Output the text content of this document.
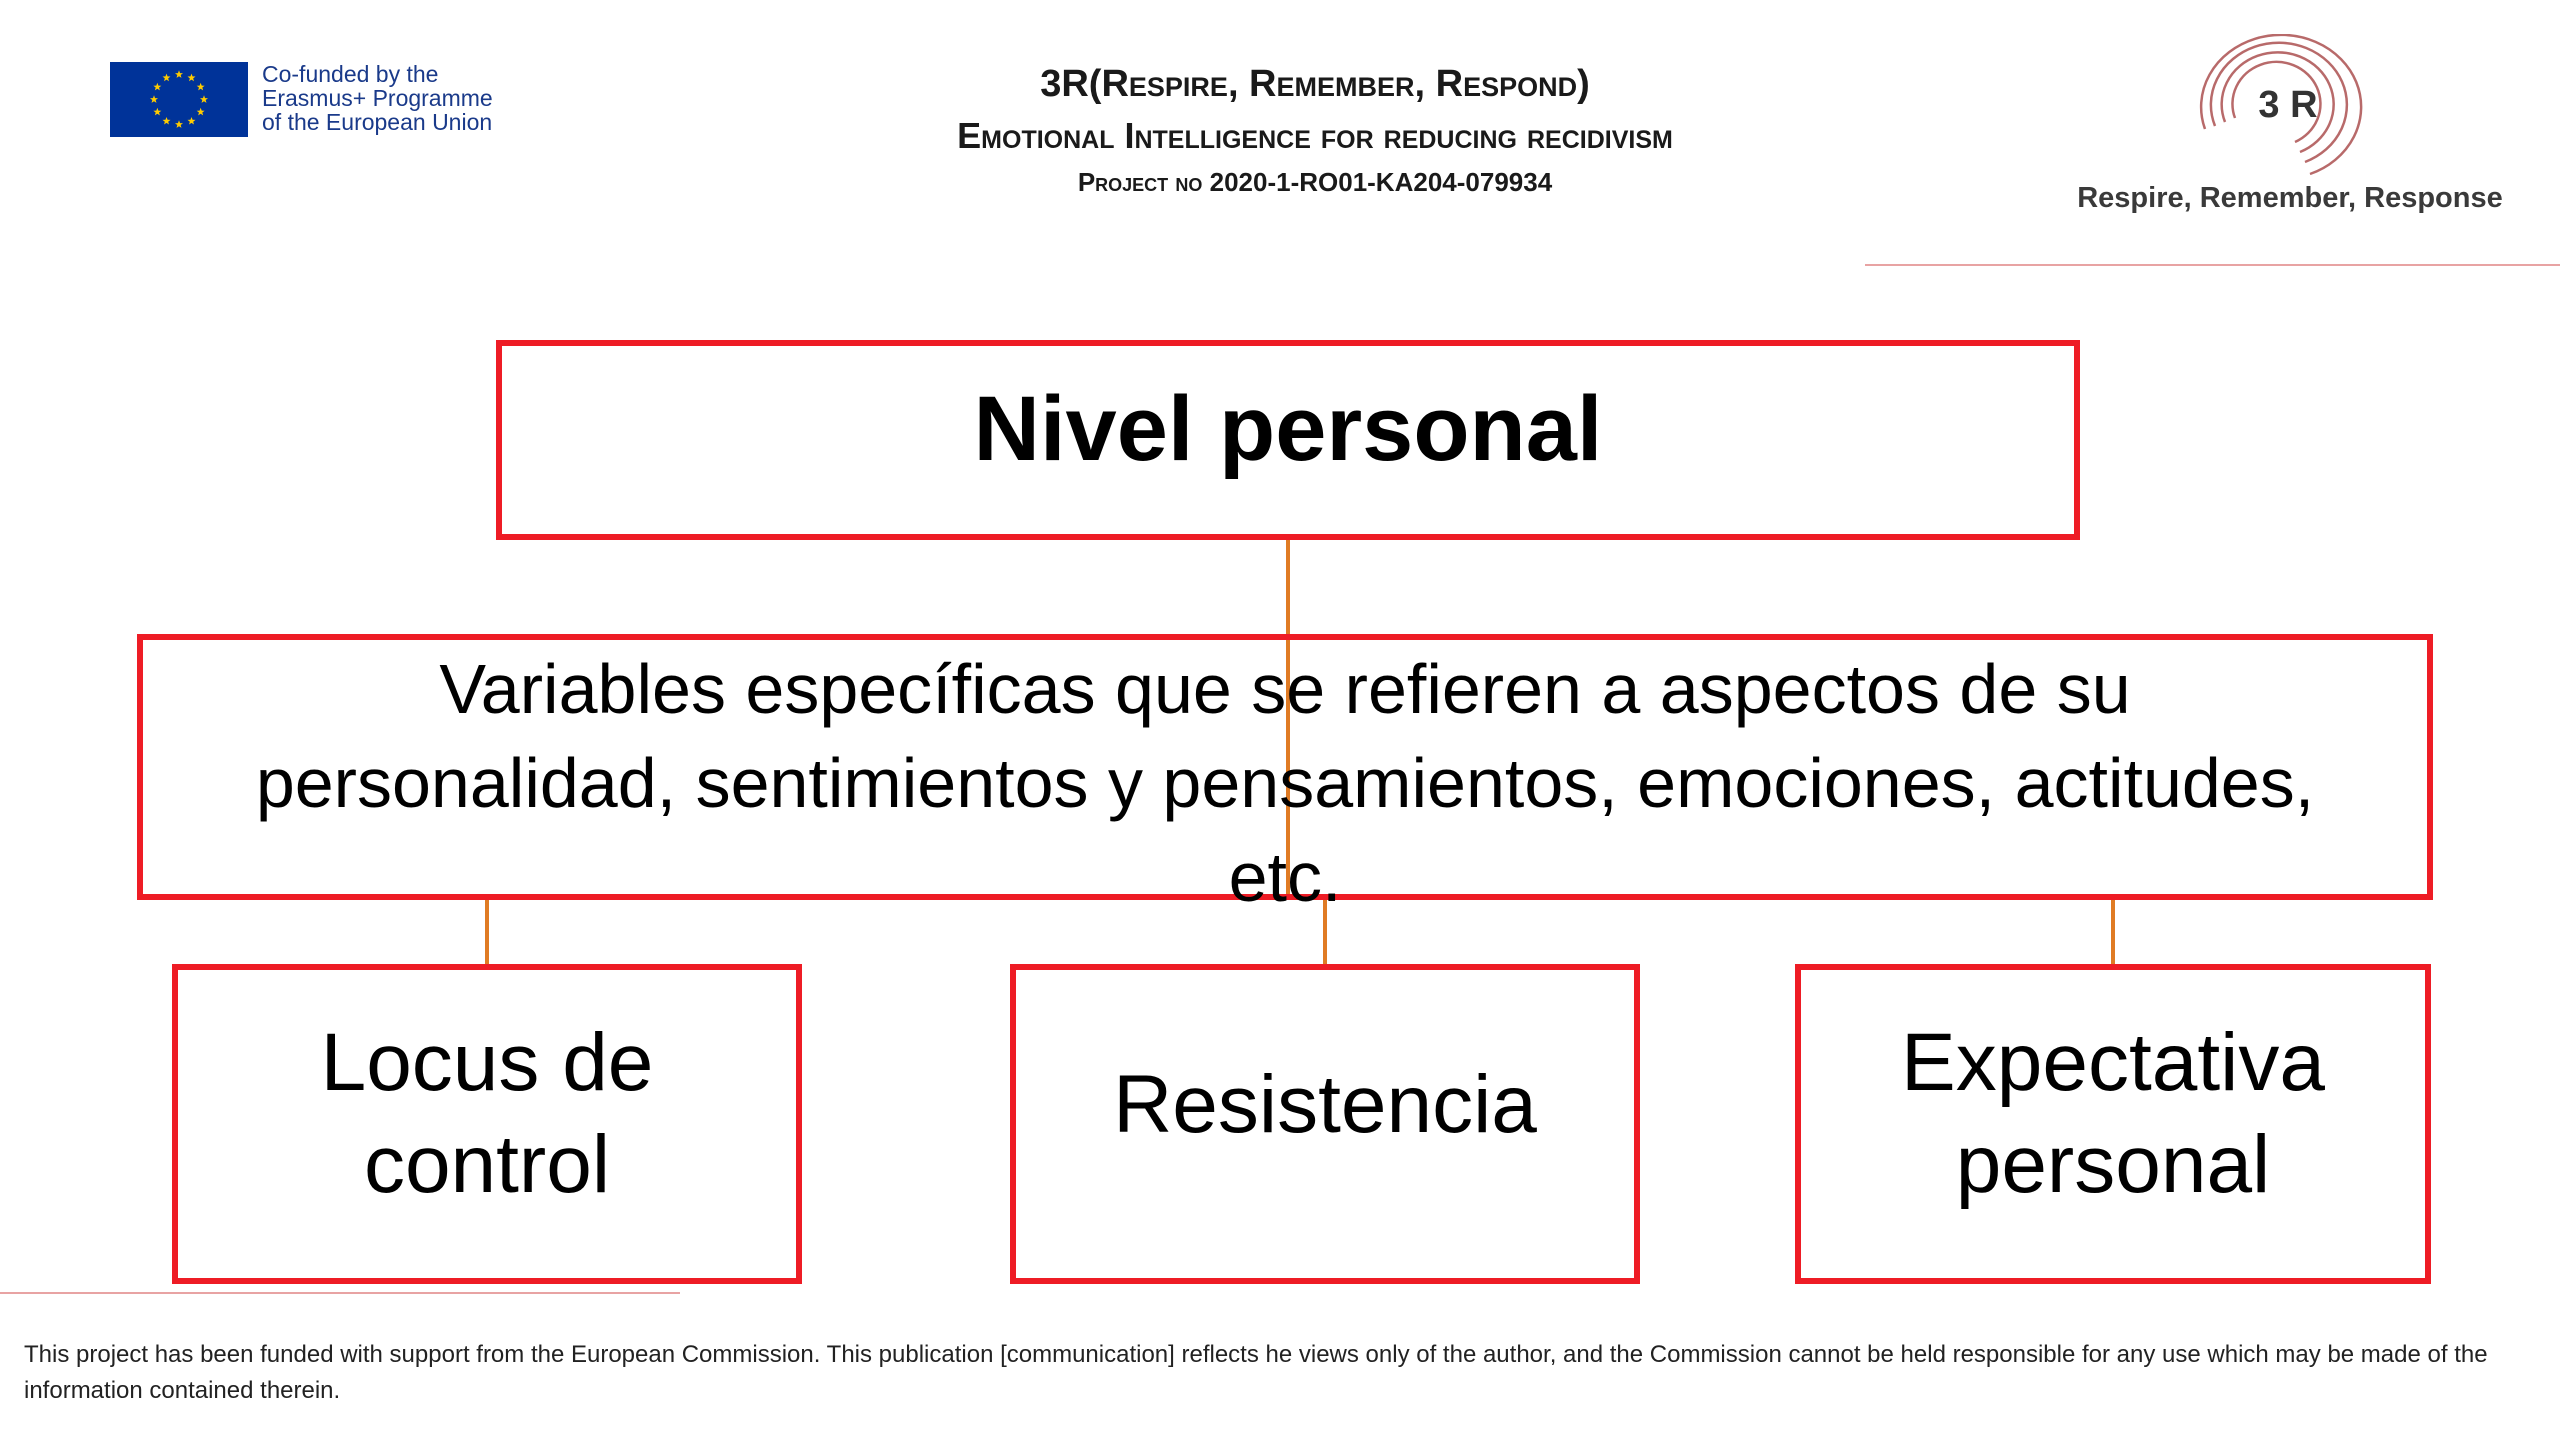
Co-funded by the
Erasmus+ Programme
of the European Union
3R(Respire, Remember, Respond)
Emotional Intelligence for reducing recidivism
Project no 2020-1-RO01-KA204-079934
3 R
Respire, Remember, Response
Nivel personal
Variables específicas que se refieren a aspectos de su personalidad, sentimientos y pensamientos, emociones, actitudes, etc.
Locus de control
Resistencia	Expectativa personal
This project has been funded with support from the European Commission. This publication [communication] reflects he views only of the author, and the Commission cannot be held responsible for any use which may be made of the information contained therein.
